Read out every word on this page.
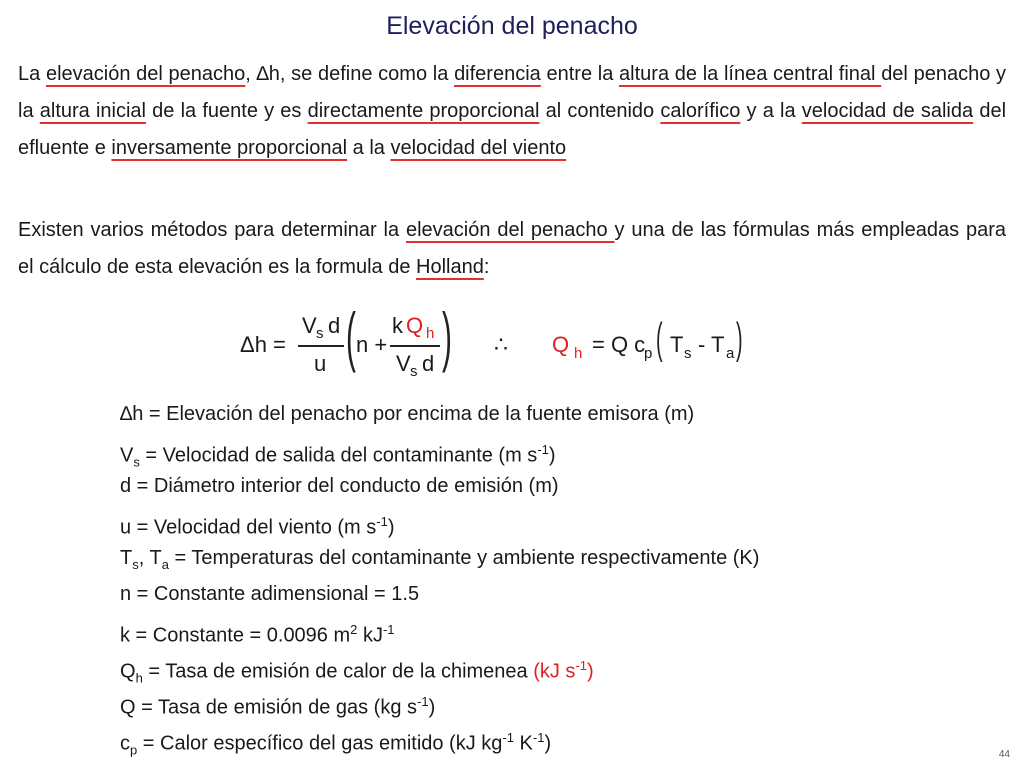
Elevación del penacho
La elevación del penacho, ∆h, se define como la diferencia entre la altura de la línea central final del penacho y la altura inicial de la fuente y es directamente proporcional al contenido calorífico y a la velocidad de salida del efluente e inversamente proporcional a la velocidad del viento
Existen varios métodos para determinar la elevación del penacho y una de las fórmulas más empleadas para el cálculo de esta elevación es la formula de Holland:
Δh =
V s d
u ( n +
k Q h
V s d ) ∴ Q h = Q c
p ( T s - T a )
∆h = Elevación del penacho por encima de la fuente emisora (m)
$V_s$ = Velocidad de salida del contaminante (m $s^{-1}$)
d = Diámetro interior del conducto de emisión (m)
u = Velocidad del viento (m $s^{-1}$)
$T_s$, $T_a$ = Temperaturas del contaminante y ambiente respectivamente (K)
n = Constante adimensional = 1.5
k = Constante = 0.0096 $m^2$ $kJ^{-1}$
$Q_h$ = Tasa de emisión de calor de la chimenea (kJ $s^{-1}$)
Q = Tasa de emisión de gas (kg $s^{-1}$)
$c_p$ = Calor específico del gas emitido (kJ $kg^{-1}$ $K^{-1}$)	44
